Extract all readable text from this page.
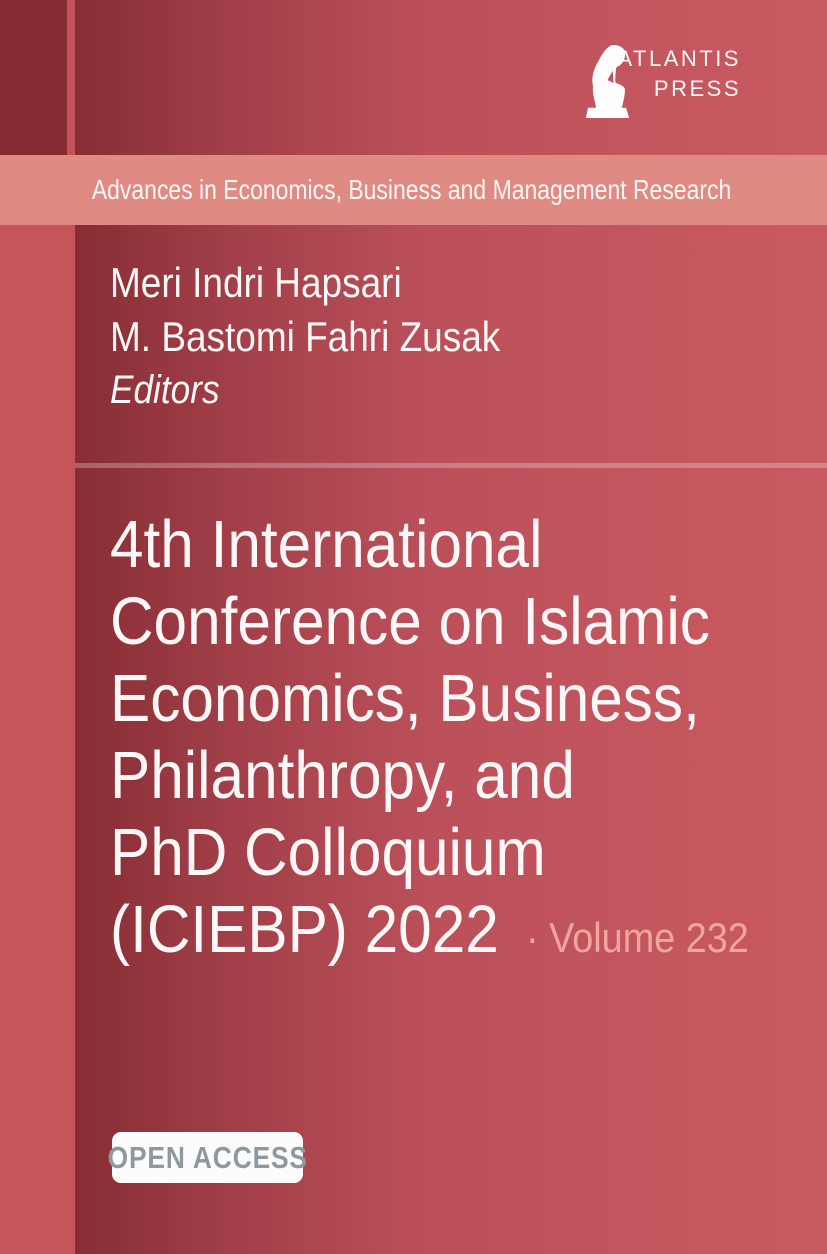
ATLANTIS
PRESS
Advances in Economics, Business and Management Research
Meri Indri Hapsari
M. Bastomi Fahri Zusak
Editors
4th International
Conference on Islamic
Economics, Business,
Philanthropy, and
PhD Colloquium
(ICIEBP) 2022 · Volume 232
OPEN ACCESS
